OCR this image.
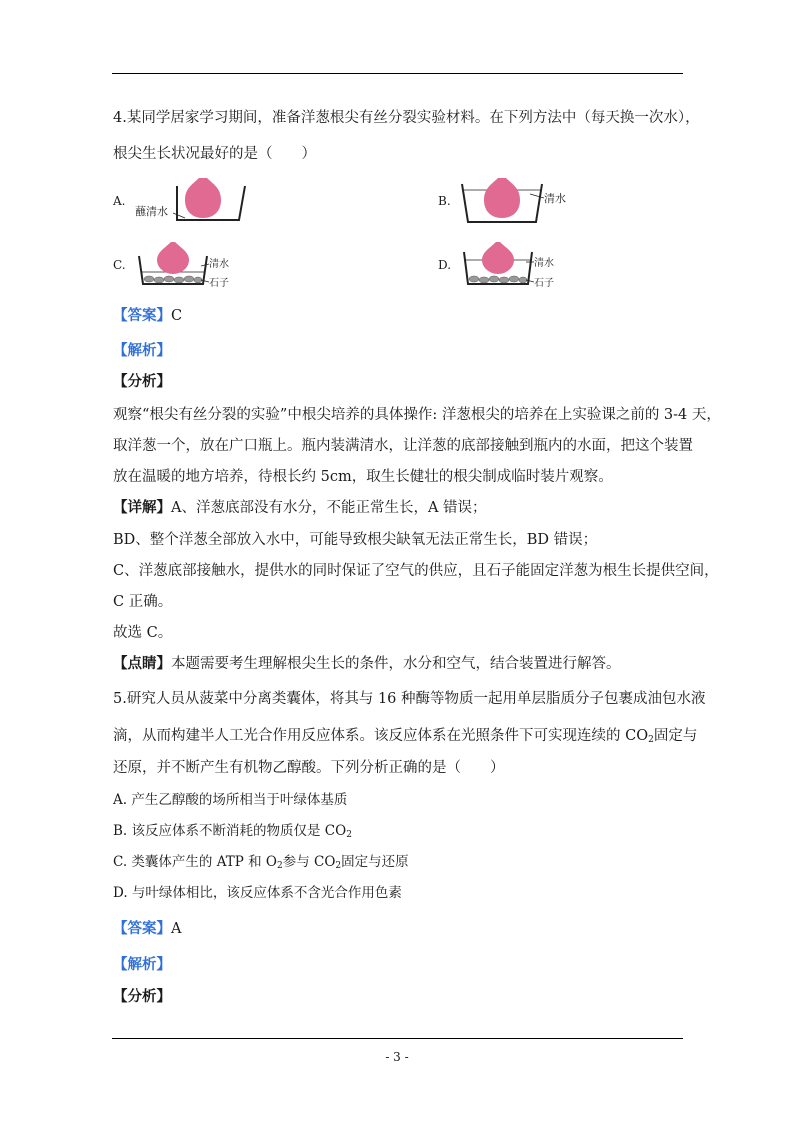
4.某同学居家学习期间，准备洋葱根尖有丝分裂实验材料。在下列方法中（每天换一次水），
根尖生长状况最好的是（　　）
A.
蘸清水
B.	清水
C.	清水
石子
D.	清水
石子
【答案】C
【解析】
【分析】
观察“根尖有丝分裂的实验”中根尖培养的具体操作: 洋葱根尖的培养在上实验课之前的 3-4 天，
取洋葱一个，放在广口瓶上。瓶内装满清水，让洋葱的底部接触到瓶内的水面，把这个装置
放在温暖的地方培养，待根长约 5cm，取生长健壮的根尖制成临时装片观察。
【详解】A、洋葱底部没有水分，不能正常生长，A 错误；
BD、整个洋葱全部放入水中，可能导致根尖缺氧无法正常生长，BD 错误；
C、洋葱底部接触水，提供水的同时保证了空气的供应，且石子能固定洋葱为根生长提供空间，
C 正确。
故选 C。
【点睛】本题需要考生理解根尖生长的条件，水分和空气，结合装置进行解答。
5.研究人员从菠菜中分离类囊体，将其与 16 种酶等物质一起用单层脂质分子包裹成油包水液
滴，从而构建半人工光合作用反应体系。该反应体系在光照条件下可实现连续的 $CO_2$固定与
还原，并不断产生有机物乙醇酸。下列分析正确的是（　　）
A. 产生乙醇酸的场所相当于叶绿体基质
B. 该反应体系不断消耗的物质仅是 $CO_2$
C. 类囊体产生的 ATP 和 $O_2$参与 $CO_2$固定与还原
D. 与叶绿体相比，该反应体系不含光合作用色素
【答案】A
【解析】
【分析】
- 3 -
